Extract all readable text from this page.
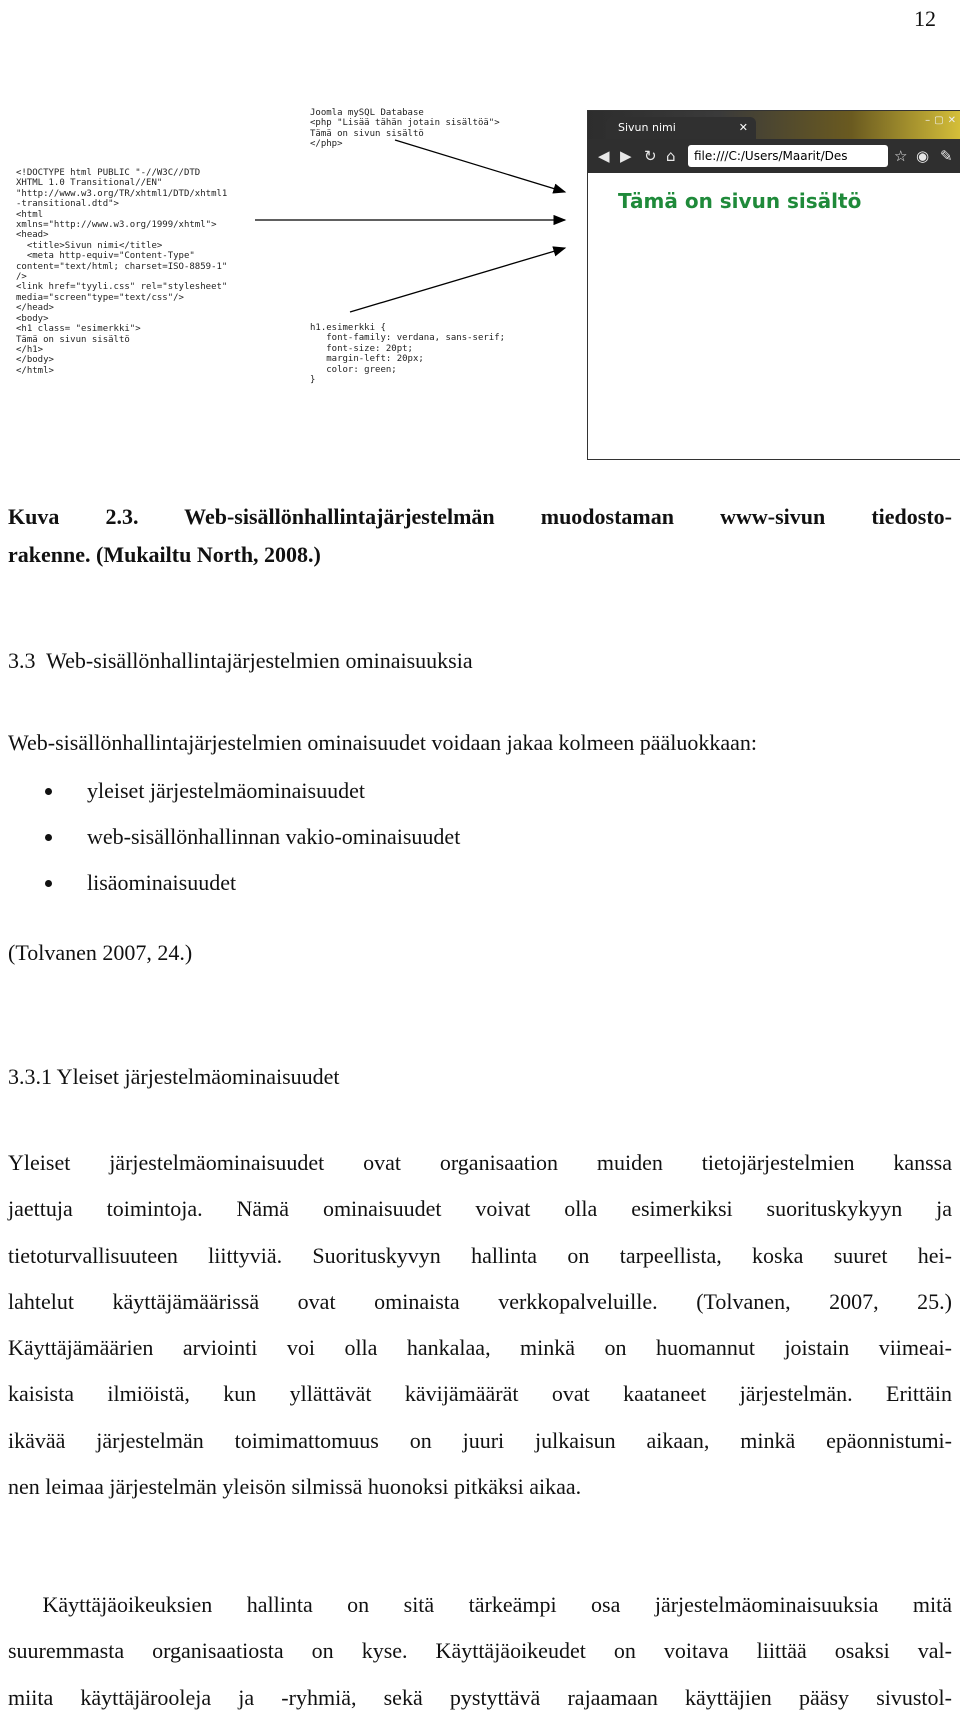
12
<!DOCTYPE html PUBLIC "-//W3C//DTD
XHTML 1.0 Transitional//EN"
"http://www.w3.org/TR/xhtml1/DTD/xhtml1
-transitional.dtd">
<html
xmlns="http://www.w3.org/1999/xhtml">
<head>
<title>Sivun nimi</title>
<meta http-equiv="Content-Type"
content="text/html; charset=ISO-8859-1"
/>
<link href="tyyli.css" rel="stylesheet"
media="screen"type="text/css"/>
</head>
<body>
<h1 class= "esimerkki">
Tämä on sivun sisältö
</h1>
</body>
</html>
Joomla mySQL Database
<php "Lisää tähän jotain sisältöä">
Tämä on sivun sisältö
</php>
h1.esimerkki {
font-family: verdana, sans-serif;
font-size: 20pt;
margin-left: 20px;
color: green;
}
Sivun nimi	✕
–▢✕
◀ ▶ ↻ ⌂	file:///C:/Users/Maarit/Des	☆ ◉ ✎
Tämä on sivun sisältö
Kuva 2.3. Web-sisällönhallintajärjestelmän muodostaman www-sivun tiedosto-
rakenne. (Mukailtu North, 2008.)
3.3  Web-sisällönhallintajärjestelmien ominaisuuksia
Web-sisällönhallintajärjestelmien ominaisuudet voidaan jakaa kolmeen pääluokkaan:
yleiset järjestelmäominaisuudet
web-sisällönhallinnan vakio-ominaisuudet
lisäominaisuudet
(Tolvanen 2007, 24.)
3.3.1 Yleiset järjestelmäominaisuudet
Yleiset järjestelmäominaisuudet ovat organisaation muiden tietojärjestelmien kanssa
jaettuja toimintoja. Nämä ominaisuudet voivat olla esimerkiksi suorituskykyyn ja
tietoturvallisuuteen liittyviä. Suorituskyvyn hallinta on tarpeellista, koska suuret hei-
lahtelut käyttäjämäärissä ovat ominaista verkkopalveluille. (Tolvanen, 2007, 25.)
Käyttäjämäärien arviointi voi olla hankalaa, minkä on huomannut joistain viimeai-
kaisista ilmiöistä, kun yllättävät kävijämäärät ovat kaataneet järjestelmän. Erittäin
ikävää järjestelmän toimimattomuus on juuri julkaisun aikaan, minkä epäonnistumi-
nen leimaa järjestelmän yleisön silmissä huonoksi pitkäksi aikaa.
Käyttäjäoikeuksien hallinta on sitä tärkeämpi osa järjestelmäominaisuuksia mitä
suuremmasta organisaatiosta on kyse. Käyttäjäoikeudet on voitava liittää osaksi val-
miita käyttäjärooleja ja -ryhmiä, sekä pystyttävä rajaamaan käyttäjien pääsy sivustol-
